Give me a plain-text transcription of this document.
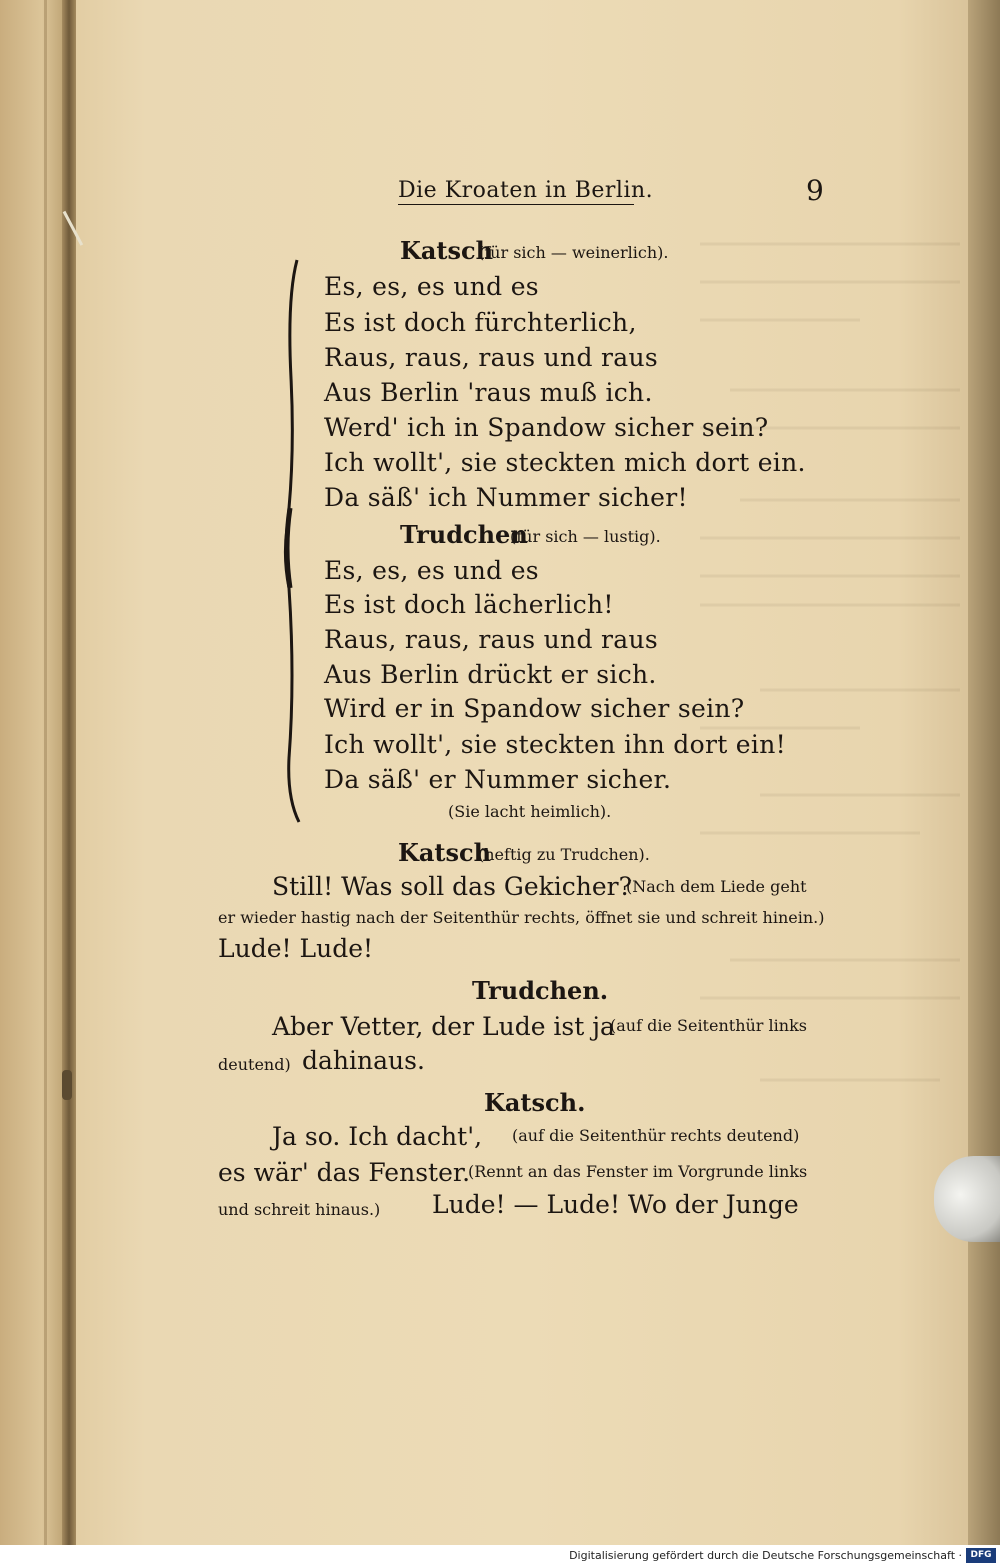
Die Kroaten in Berlin.	9
Katsch
(für sich — weinerlich).
Es, es, es und es
Es ist doch fürchterlich,
Raus, raus, raus und raus
Aus Berlin 'raus muß ich.
Werd' ich in Spandow sicher sein?
Ich wollt', sie steckten mich dort ein.
Da säß' ich Nummer sicher!
Trudchen
(für sich — lustig).
Es, es, es und es
Es ist doch lächerlich!
Raus, raus, raus und raus
Aus Berlin drückt er sich.
Wird er in Spandow sicher sein?
Ich wollt', sie steckten ihn dort ein!
Da säß' er Nummer sicher.
(Sie lacht heimlich).
Katsch
(heftig zu Trudchen).
Still! Was soll das Gekicher?
(Nach dem Liede geht
er wieder hastig nach der Seitenthür rechts, öffnet sie und schreit hinein.)
Lude! Lude!
Trudchen.
Aber Vetter, der Lude ist ja
(auf die Seitenthür links
deutend) dahinaus.
Katsch.
Ja so. Ich dacht', (auf die Seitenthür rechts deutend)
es wär' das Fenster.
(Rennt an das Fenster im Vorgrunde links
und schreit hinaus.) Lude! — Lude! Wo der Junge
Digitalisierung gefördert durch die Deutsche Forschungsgemeinschaft · DFG
